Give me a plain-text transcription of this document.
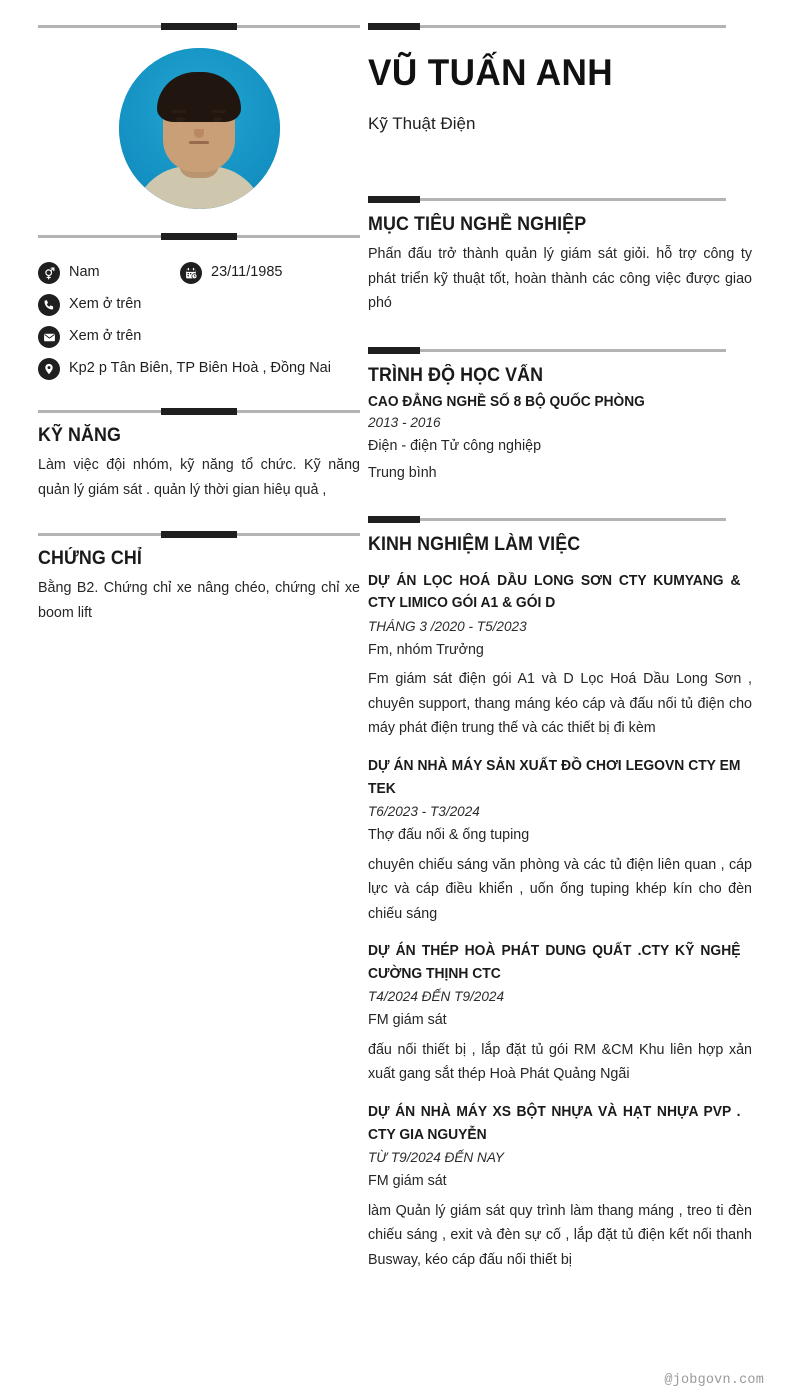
Nam	23/11/1985
Xem ở trên
Xem ở trên
Kp2 p Tân Biên, TP Biên Hoà , Đồng Nai
KỸ NĂNG

Làm việc đội nhóm, kỹ năng tổ chức. Kỹ năng quản lý giám sát . quản lý thời gian hiêụ quả ,

CHỨNG CHỈ

Bằng B2. Chứng chỉ xe nâng chéo, chứng chỉ xe boom lift

VŨ TUẤN ANH
Kỹ Thuật Điện
MỤC TIÊU NGHỀ NGHIỆP

Phấn đấu trở thành quản lý giám sát giỏi. hỗ trợ công ty phát triển kỹ thuật tốt, hoàn thành các công việc được giao phó

TRÌNH ĐỘ HỌC VẤN
CAO ĐẲNG NGHỀ SỐ 8 BỘ QUỐC PHÒNG
2013 - 2016
Điện - điện Tử công nghiệp
Trung bình
KINH NGHIỆM LÀM VIỆC
DỰ ÁN LỌC HOÁ DẦU LONG SƠN CTY KUMYANG & CTY LIMICO GÓI A1 & GÓI D
THÁNG 3 /2020 - T5/2023
Fm, nhóm Trưởng
Fm giám sát điện gói A1 và D Lọc Hoá Dầu Long Sơn , chuyên support, thang máng kéo cáp và đấu nối tủ điện cho máy phát điện trung thế và các thiết bị đi kèm
DỰ ÁN NHÀ MÁY SẢN XUẤT ĐỒ CHƠI LEGOVN CTY EM TEK
T6/2023 - T3/2024
Thợ đấu nối & ống tuping
chuyên chiếu sáng văn phòng và các tủ điện liên quan , cáp lực và cáp điều khiển , uốn ống tuping khép kín cho đèn chiếu sáng
DỰ ÁN THÉP HOÀ PHÁT DUNG QUẤT .CTY KỸ NGHỆ CƯỜNG THỊNH CTC
T4/2024 ĐẾN T9/2024
FM giám sát
đấu nối thiết bị , lắp đặt tủ gói RM &CM Khu liên hợp xản xuất gang sắt thép Hoà Phát Quảng Ngãi
DỰ ÁN NHÀ MÁY XS BỘT NHỰA VÀ HẠT NHỰA PVP . CTY GIA NGUYỄN
TỪ T9/2024 ĐẾN NAY
FM giám sát
làm Quản lý giám sát quy trình làm thang máng , treo ti đèn chiếu sáng , exit và đèn sự cố , lắp đặt tủ điện kết nối thanh Busway, kéo cáp đấu nối thiết bị
@jobgovn.com
